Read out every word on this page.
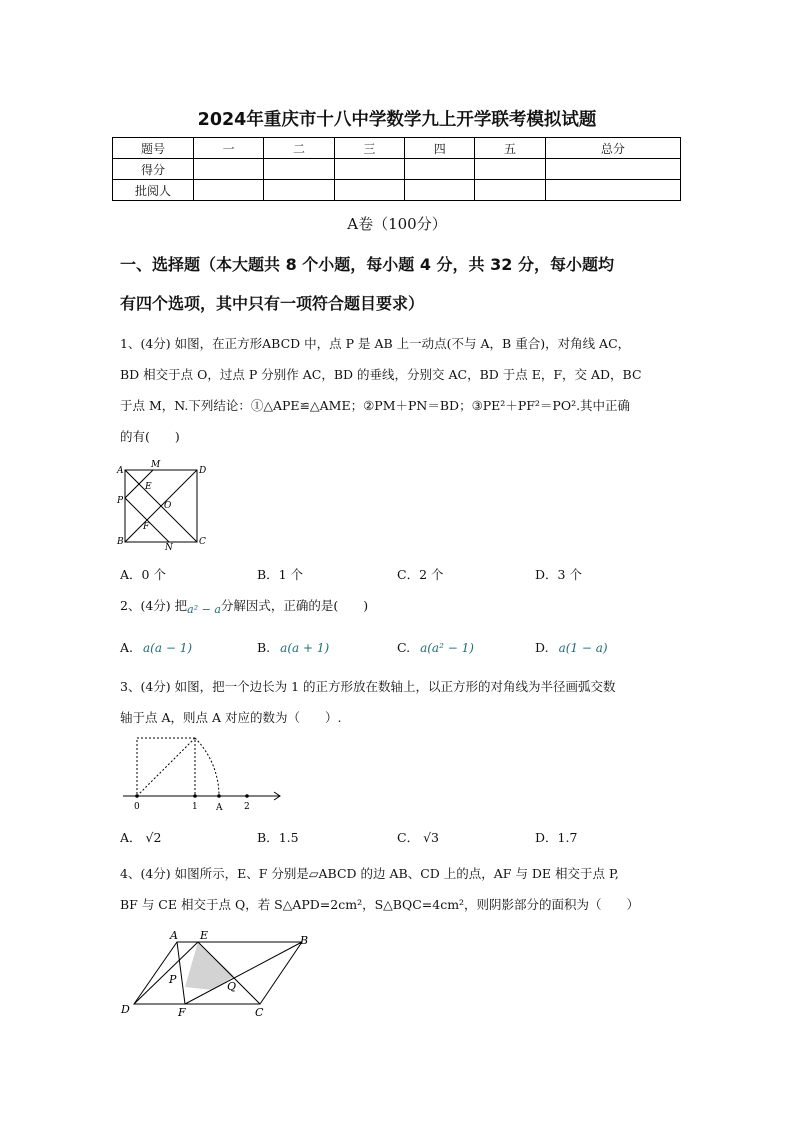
2024年重庆市十八中学数学九上开学联考模拟试题
题号	一	二	三	四	五	总分
得分						
批阅人						
A卷（100分）
一、选择题（本大题共 8 个小题，每小题 4 分，共 32 分，每小题均
有四个选项，其中只有一项符合题目要求）
1、(4分) 如图，在正方形ABCD 中，点 P 是 AB 上一动点(不与 A，B 重合)，对角线 AC，
BD 相交于点 O，过点 P 分别作 AC，BD 的垂线，分别交 AC，BD 于点 E，F，交 AD，BC
于点 M，N.下列结论：①△APE≌△AME；②PM＋PN＝BD；③PE²＋PF²＝PO².其中正确
的有(　　)
A
M
D
E
P	O
F
B
N
C
A．0 个	B．1 个	C．2 个	D．3 个
2、(4分) 把a² − a分解因式，正确的是(　　)
A. a(a − 1)	B. a(a + 1)	C. a(a² − 1)	D. a(1 − a)
3、(4分) 如图，把一个边长为 1 的正方形放在数轴上，以正方形的对角线为半径画弧交数
轴于点 A，则点 A 对应的数为（　　）.
0	1 A 2
A． √2	B．1.5	C． √3	D．1.7
4、(4分) 如图所示，E、F 分别是▱ABCD 的边 AB、CD 上的点，AF 与 DE 相交于点 P,
BF 与 CE 相交于点 Q，若 S△APD=2cm²，S△BQC=4cm²，则阴影部分的面积为（　　）
A E	B
P
Q
D	F	C
